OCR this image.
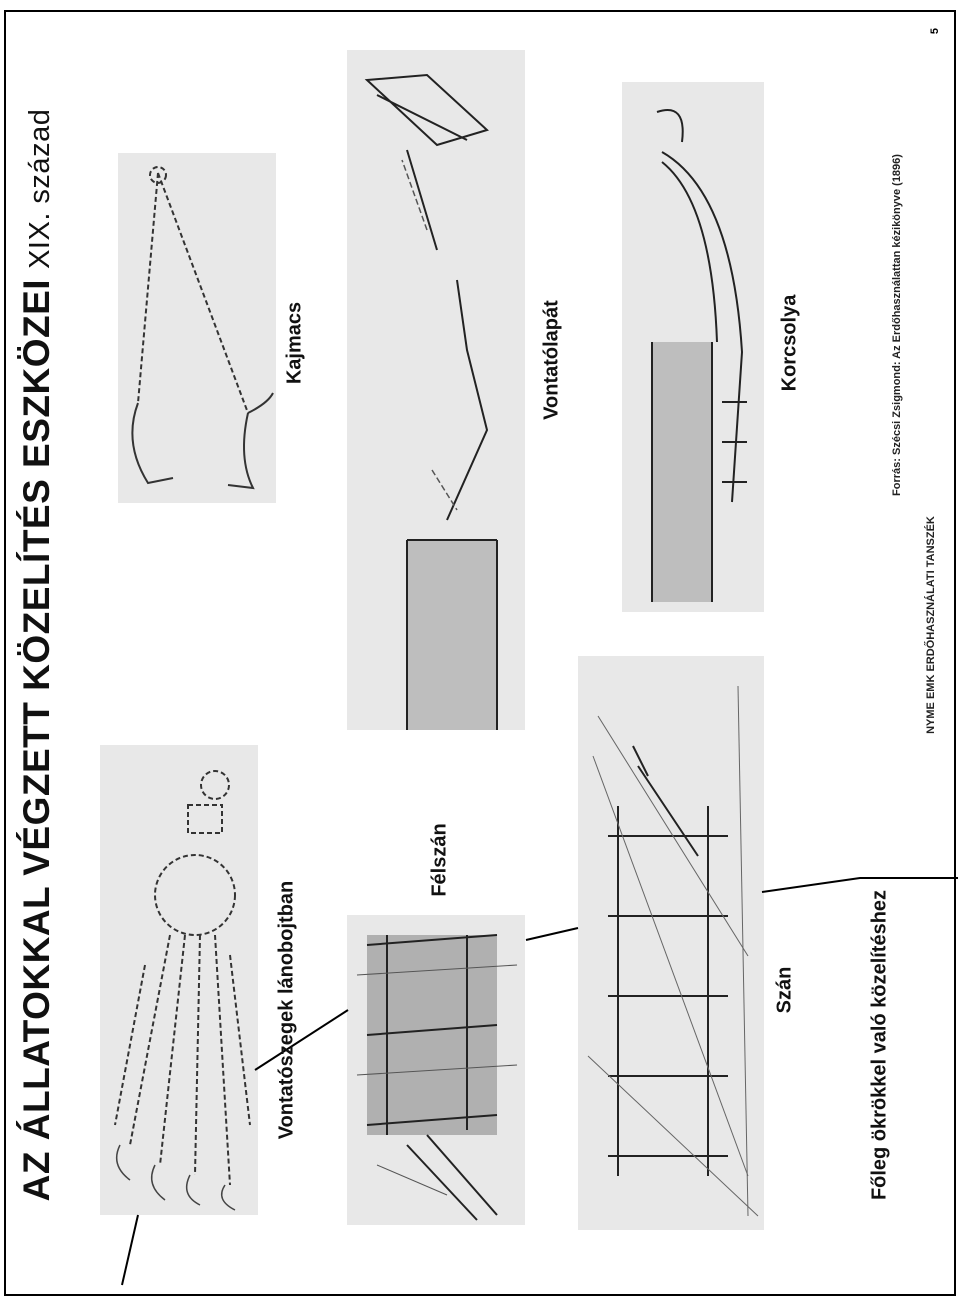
AZ ÁLLATOKKAL VÉGZETT KÖZELÍTÉS ESZKÖZEIXIX. század
5
Vontatószegek lánobojtban
Félszán
Szán
Kajmacs	Vontatólapát	Korcsolya
Főleg ökrökkel való közelítéshez
Forrás: Szécsi Zsigmond: Az Erdőhasználattan kézikönyve (1896)
NYME EMK ERDŐHASZNÁLATI TANSZÉK
